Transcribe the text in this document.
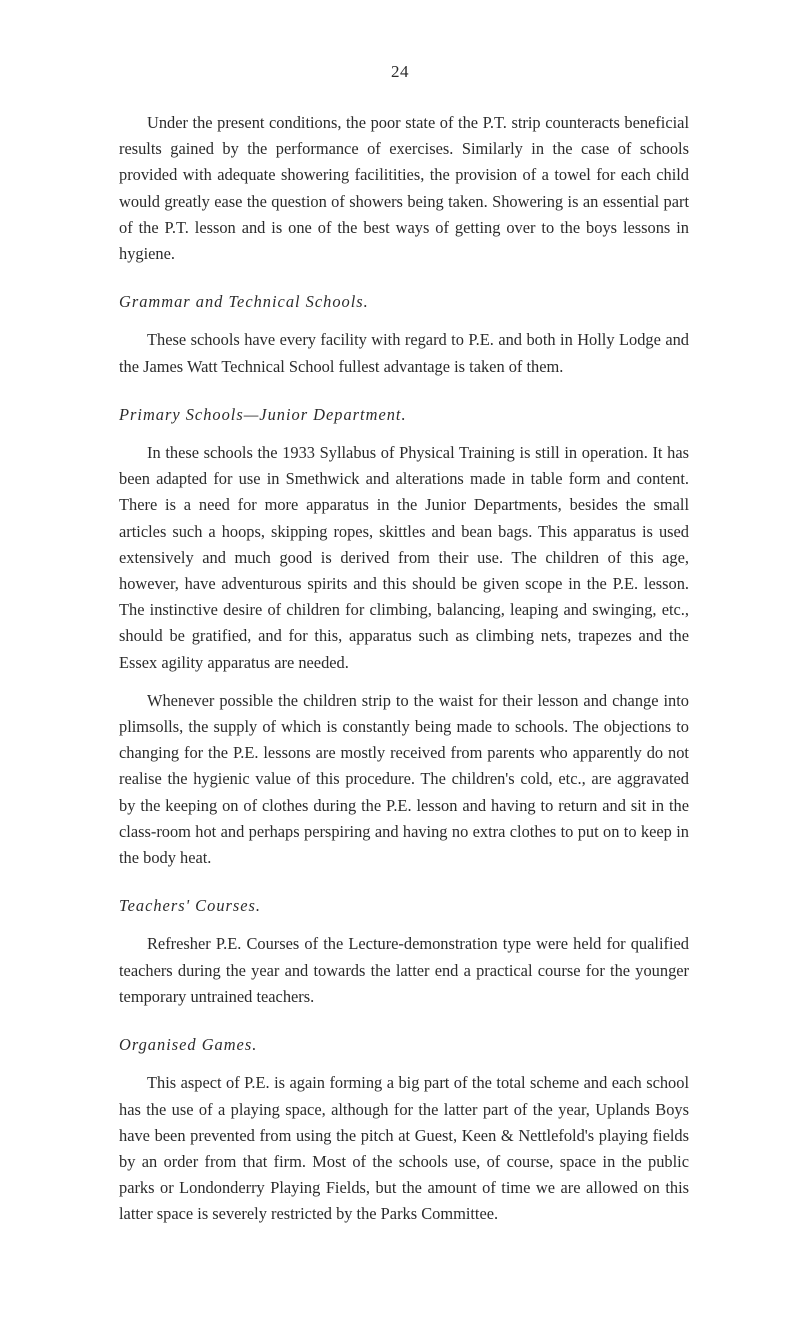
24

Under the present conditions, the poor state of the P.T. strip counteracts beneficial results gained by the performance of exercises. Similarly in the case of schools provided with adequate showering facilitities, the provision of a towel for each child would greatly ease the question of showers being taken. Showering is an essential part of the P.T. lesson and is one of the best ways of getting over to the boys lessons in hygiene.

Grammar and Technical Schools.

These schools have every facility with regard to P.E. and both in Holly Lodge and the James Watt Technical School fullest advantage is taken of them.

Primary Schools—Junior Department.

In these schools the 1933 Syllabus of Physical Training is still in operation. It has been adapted for use in Smethwick and alterations made in table form and content. There is a need for more apparatus in the Junior Departments, besides the small articles such a hoops, skipping ropes, skittles and bean bags. This apparatus is used extensively and much good is derived from their use. The children of this age, however, have adventurous spirits and this should be given scope in the P.E. lesson. The instinctive desire of children for climbing, balancing, leaping and swinging, etc., should be gratified, and for this, apparatus such as climbing nets, trapezes and the Essex agility apparatus are needed.

Whenever possible the children strip to the waist for their lesson and change into plimsolls, the supply of which is constantly being made to schools. The objections to changing for the P.E. lessons are mostly received from parents who apparently do not realise the hygienic value of this procedure. The children's cold, etc., are aggravated by the keeping on of clothes during the P.E. lesson and having to return and sit in the class-room hot and perhaps perspiring and having no extra clothes to put on to keep in the body heat.

Teachers' Courses.

Refresher P.E. Courses of the Lecture-demonstration type were held for qualified teachers during the year and towards the latter end a practical course for the younger temporary untrained teachers.

Organised Games.

This aspect of P.E. is again forming a big part of the total scheme and each school has the use of a playing space, although for the latter part of the year, Uplands Boys have been prevented from using the pitch at Guest, Keen & Nettlefold's playing fields by an order from that firm. Most of the schools use, of course, space in the public parks or Londonderry Playing Fields, but the amount of time we are allowed on this latter space is severely restricted by the Parks Committee.
